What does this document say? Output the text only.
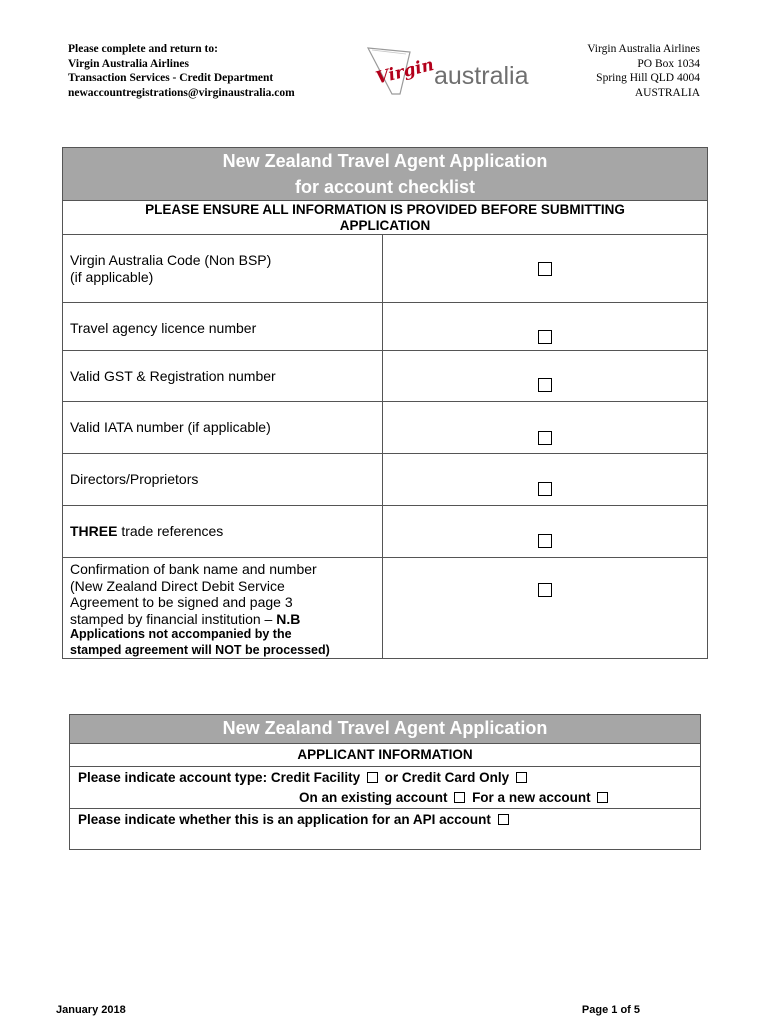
Please complete and return to:
Virgin Australia Airlines
Transaction Services - Credit Department
newaccountregistrations@virginaustralia.com
Virgin
australia
Virgin Australia Airlines
PO Box 1034
Spring Hill QLD 4004
AUSTRALIA
New Zealand Travel Agent Application
for account checklist
PLEASE ENSURE ALL INFORMATION IS PROVIDED BEFORE SUBMITTING
APPLICATION
Virgin Australia Code (Non BSP)
(if applicable)
Travel agency licence number
Valid GST & Registration number
Valid IATA number (if applicable)
Directors/Proprietors
THREE trade references
Confirmation of bank name and number
(New Zealand Direct Debit Service
Agreement to be signed and page 3
stamped by financial institution – N.B
Applications not accompanied by the
stamped agreement will NOT be processed)
New Zealand Travel Agent Application
APPLICANT INFORMATION
Please indicate account type: Credit Facility or Credit Card Only
On an existing account For a new account
Please indicate whether this is an application for an API account
January 2018	Page 1 of 5
